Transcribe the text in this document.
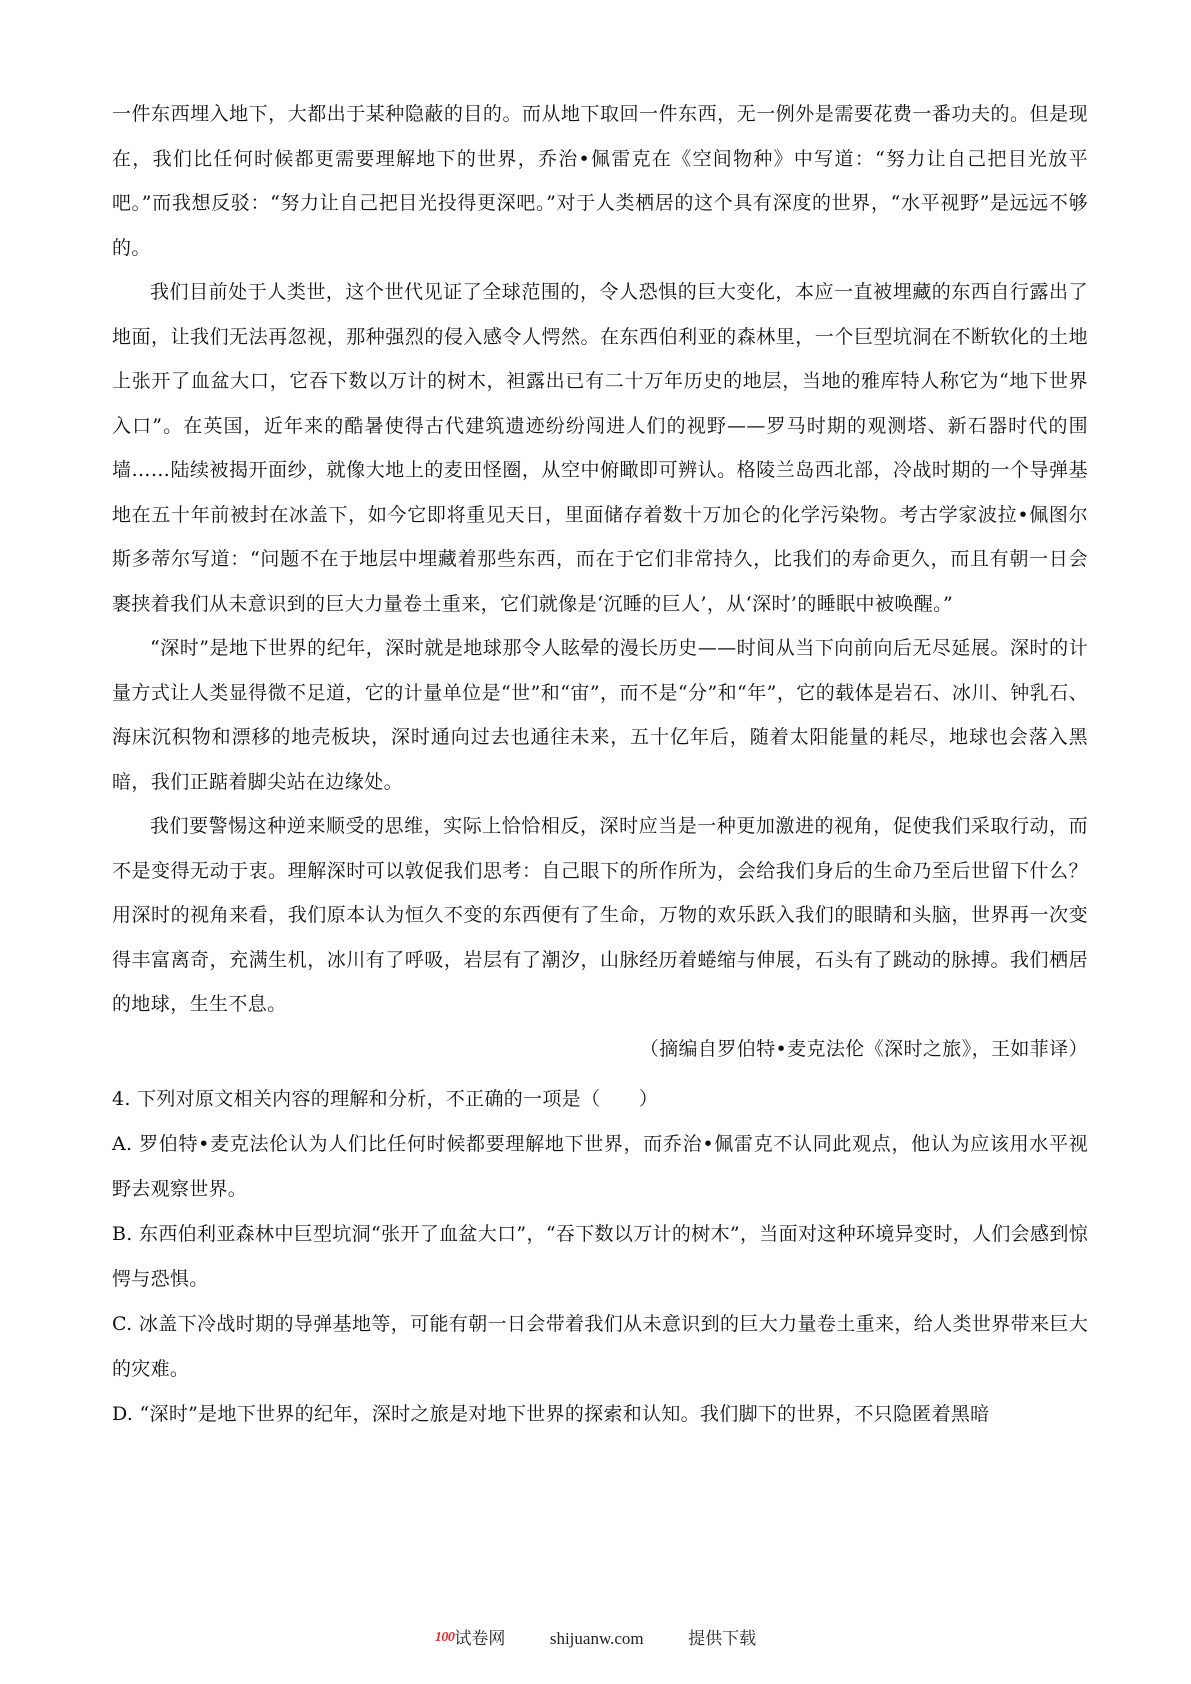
一件东西埋入地下，大都出于某种隐蔽的目的。而从地下取回一件东西，无一例外是需要花费一番功夫的。但是现在，我们比任何时候都更需要理解地下的世界，乔治•佩雷克在《空间物种》中写道：“努力让自己把目光放平吧。”而我想反驳：“努力让自己把目光投得更深吧。”对于人类栖居的这个具有深度的世界，“水平视野”是远远不够的。

我们目前处于人类世，这个世代见证了全球范围的，令人恐惧的巨大变化，本应一直被埋藏的东西自行露出了地面，让我们无法再忽视，那种强烈的侵入感令人愕然。在东西伯利亚的森林里，一个巨型坑洞在不断软化的土地上张开了血盆大口，它吞下数以万计的树木，袒露出已有二十万年历史的地层，当地的雅库特人称它为“地下世界入口”。在英国，近年来的酷暑使得古代建筑遗迹纷纷闯进人们的视野——罗马时期的观测塔、新石器时代的围墙……陆续被揭开面纱，就像大地上的麦田怪圈，从空中俯瞰即可辨认。格陵兰岛西北部，冷战时期的一个导弹基地在五十年前被封在冰盖下，如今它即将重见天日，里面储存着数十万加仑的化学污染物。考古学家波拉•佩图尔斯多蒂尔写道：“问题不在于地层中埋藏着那些东西，而在于它们非常持久，比我们的寿命更久，而且有朝一日会裹挟着我们从未意识到的巨大力量卷土重来，它们就像是‘沉睡的巨人’，从‘深时’的睡眠中被唤醒。”

“深时”是地下世界的纪年，深时就是地球那令人眩晕的漫长历史——时间从当下向前向后无尽延展。深时的计量方式让人类显得微不足道，它的计量单位是“世”和“宙”，而不是“分”和“年”，它的载体是岩石、冰川、钟乳石、海床沉积物和漂移的地壳板块，深时通向过去也通往未来，五十亿年后，随着太阳能量的耗尽，地球也会落入黑暗，我们正踮着脚尖站在边缘处。

我们要警惕这种逆来顺受的思维，实际上恰恰相反，深时应当是一种更加激进的视角，促使我们采取行动，而不是变得无动于衷。理解深时可以敦促我们思考：自己眼下的所作所为，会给我们身后的生命乃至后世留下什么？用深时的视角来看，我们原本认为恒久不变的东西便有了生命，万物的欢乐跃入我们的眼睛和头脑，世界再一次变得丰富离奇，充满生机，冰川有了呼吸，岩层有了潮汐，山脉经历着蜷缩与伸展，石头有了跳动的脉搏。我们栖居的地球，生生不息。

（摘编自罗伯特•麦克法伦《深时之旅》，王如菲译）

4. 下列对原文相关内容的理解和分析，不正确的一项是（　　）

A. 罗伯特•麦克法伦认为人们比任何时候都要理解地下世界，而乔治•佩雷克不认同此观点，他认为应该用水平视野去观察世界。

B. 东西伯利亚森林中巨型坑洞“张开了血盆大口”，“吞下数以万计的树木”，当面对这种环境异变时，人们会感到惊愕与恐惧。

C. 冰盖下冷战时期的导弹基地等，可能有朝一日会带着我们从未意识到的巨大力量卷土重来，给人类世界带来巨大的灾难。

D. “深时”是地下世界的纪年，深时之旅是对地下世界的探索和认知。我们脚下的世界，不只隐匿着黑暗

100试卷网	shijuanw.com	提供下载
